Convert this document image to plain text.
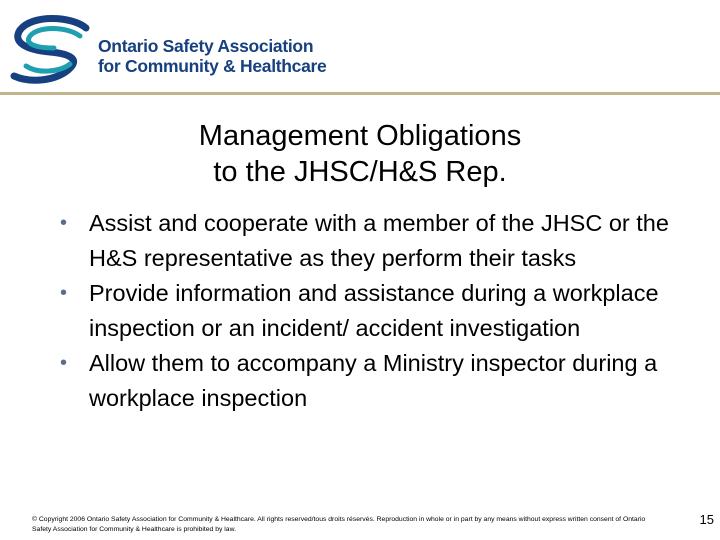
Ontario Safety Association
for Community & Healthcare
Management Obligations
to the JHSC/H&S Rep.
• Assist and cooperate with a member of the JHSC or the H&S representative as they perform their tasks
• Provide information and assistance during a workplace inspection or an incident/ accident investigation
• Allow them to accompany a Ministry inspector during a workplace inspection
© Copyright 2006 Ontario Safety Association for Community & Healthcare. All rights reserved/tous droits réservés. Reproduction in whole or in part by any means without express written consent of Ontario Safety Association for Community & Healthcare is prohibited by law.
15
